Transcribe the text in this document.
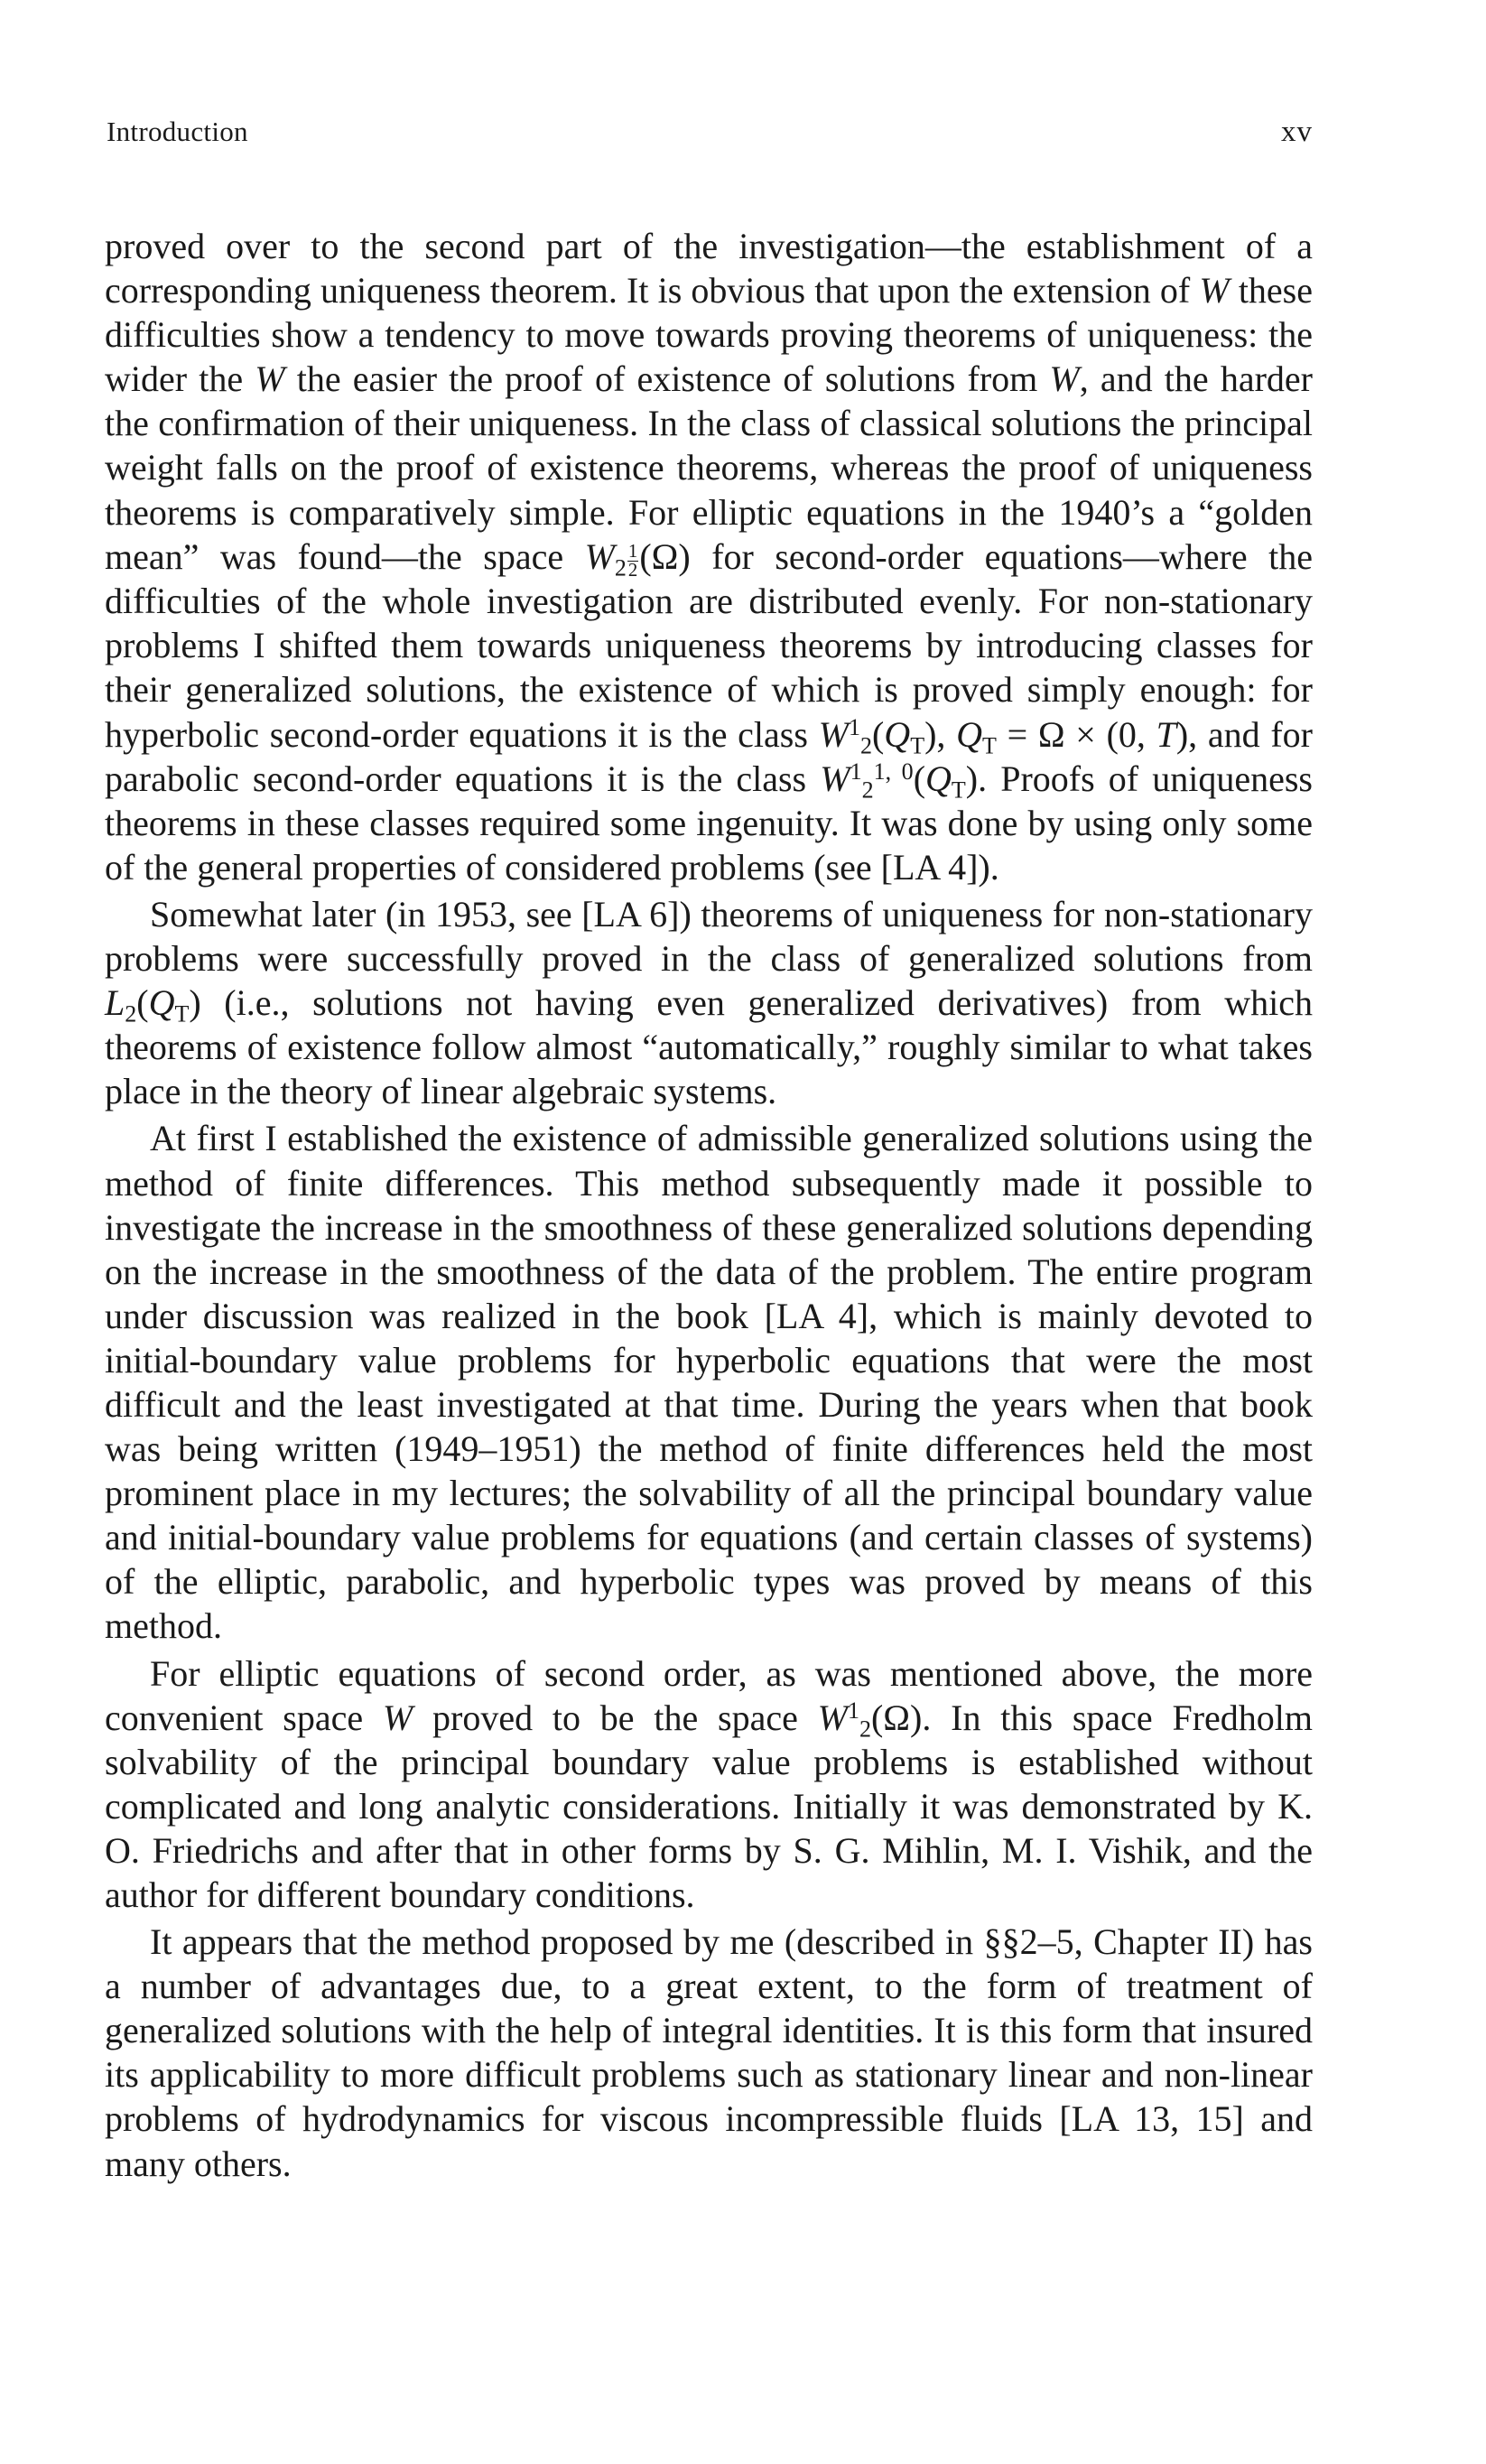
Introduction	xv

proved over to the second part of the investigation—the establishment of a corresponding uniqueness theorem. It is obvious that upon the extension of W these difficulties show a tendency to move towards proving theorems of uniqueness: the wider the W the easier the proof of existence of solutions from W, and the harder the confirmation of their uniqueness. In the class of classical solutions the principal weight falls on the proof of existence theorems, whereas the proof of uniqueness theorems is comparatively simple. For elliptic equations in the 1940’s a “golden mean” was found—the space $W_2 \frac{1}{2} (\Omega)$ for second-order equations—where the difficulties of the whole investigation are distributed evenly. For non-stationary problems I shifted them towards uniqueness theorems by introducing classes for their generalized solutions, the existence of which is proved simply enough: for hyperbolic second-order equations it is the class $W^1_2(Q_T)$, $Q_T = \Omega \times (0$, T), and for parabolic second-order equations it is the class $W^1_2^{1, 0}(Q_T)$. Proofs of uniqueness theorems in these classes required some ingenuity. It was done by using only some of the general properties of considered problems (see [LA 4]).

Somewhat later (in 1953, see [LA 6]) theorems of uniqueness for non-stationary problems were successfully proved in the class of generalized solutions from $L_2(Q_T)$ (i.e., solutions not having even generalized derivatives) from which theorems of existence follow almost “automatically,” roughly similar to what takes place in the theory of linear algebraic systems.

At first I established the existence of admissible generalized solutions using the method of finite differences. This method subsequently made it possible to investigate the increase in the smoothness of these generalized solutions depending on the increase in the smoothness of the data of the problem. The entire program under discussion was realized in the book [LA 4], which is mainly devoted to initial-boundary value problems for hyperbolic equations that were the most difficult and the least investigated at that time. During the years when that book was being written (1949–1951) the method of finite differences held the most prominent place in my lectures; the solvability of all the principal boundary value and initial-boundary value problems for equations (and certain classes of systems) of the elliptic, parabolic, and hyperbolic types was proved by means of this method.

For elliptic equations of second order, as was mentioned above, the more convenient space W proved to be the space $W^1_2(\Omega)$. In this space Fredholm solvability of the principal boundary value problems is established without complicated and long analytic considerations. Initially it was demonstrated by K. O. Friedrichs and after that in other forms by S. G. Mihlin, M. I. Vishik, and the author for different boundary conditions.

It appears that the method proposed by me (described in §§2–5, Chapter II) has a number of advantages due, to a great extent, to the form of treatment of generalized solutions with the help of integral identities. It is this form that insured its applicability to more difficult problems such as stationary linear and non-linear problems of hydrodynamics for viscous incompressible fluids [LA 13, 15] and many others.
